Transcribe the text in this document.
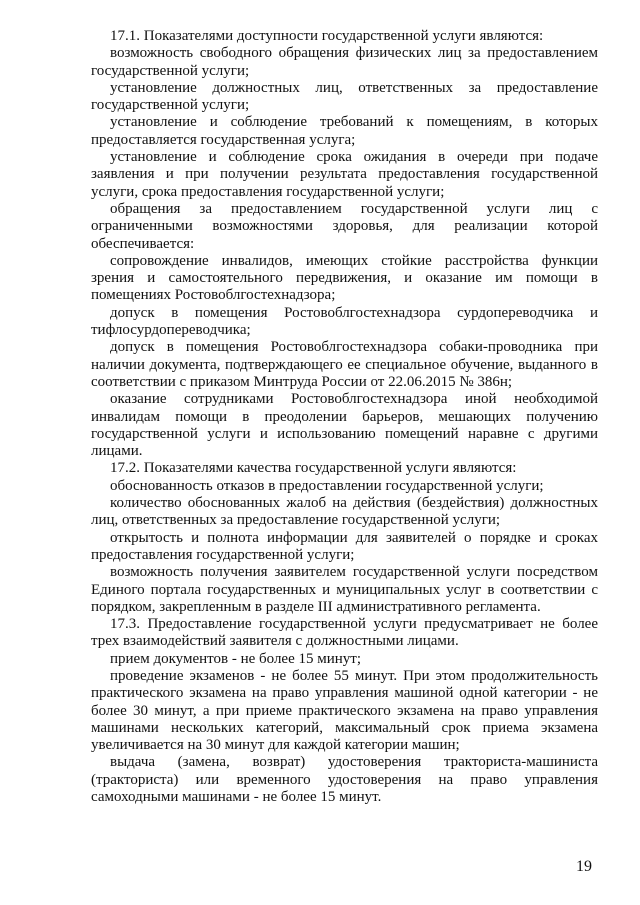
17.1. Показателями доступности государственной услуги являются:

возможность свободного обращения физических лиц за предоставлением государственной услуги;

установление должностных лиц, ответственных за предоставление государственной услуги;

установление и соблюдение требований к помещениям, в которых предоставляется государственная услуга;

установление и соблюдение срока ожидания в очереди при подаче заявления и при получении результата предоставления государственной услуги, срока предоставления государственной услуги;

обращения за предоставлением государственной услуги лиц с ограниченными возможностями здоровья, для реализации которой обеспечивается:

сопровождение инвалидов, имеющих стойкие расстройства функции зрения и самостоятельного передвижения, и оказание им помощи в помещениях Ростовоблгостехнадзора;

допуск в помещения Ростовоблгостехнадзора сурдопереводчика и тифлосурдопереводчика;

допуск в помещения Ростовоблгостехнадзора собаки-проводника при наличии документа, подтверждающего ее специальное обучение, выданного в соответствии с приказом Минтруда России от 22.06.2015 № 386н;

оказание сотрудниками Ростовоблгостехнадзора иной необходимой инвалидам помощи в преодолении барьеров, мешающих получению государственной услуги и использованию помещений наравне с другими лицами.

17.2. Показателями качества государственной услуги являются:

обоснованность отказов в предоставлении государственной услуги;

количество обоснованных жалоб на действия (бездействия) должностных лиц, ответственных за предоставление государственной услуги;

открытость и полнота информации для заявителей о порядке и сроках предоставления государственной услуги;

возможность получения заявителем государственной услуги посредством Единого портала государственных и муниципальных услуг в соответствии с порядком, закрепленным в разделе III административного регламента.

17.3. Предоставление государственной услуги предусматривает не более трех взаимодействий заявителя с должностными лицами.

прием документов - не более 15 минут;

проведение экзаменов - не более 55 минут. При этом продолжительность практического экзамена на право управления машиной одной категории - не более 30 минут, а при приеме практического экзамена на право управления машинами нескольких категорий, максимальный срок приема экзамена увеличивается на 30 минут для каждой категории машин;

выдача (замена, возврат) удостоверения тракториста-машиниста (тракториста) или временного удостоверения на право управления самоходными машинами - не более 15 минут.

19
